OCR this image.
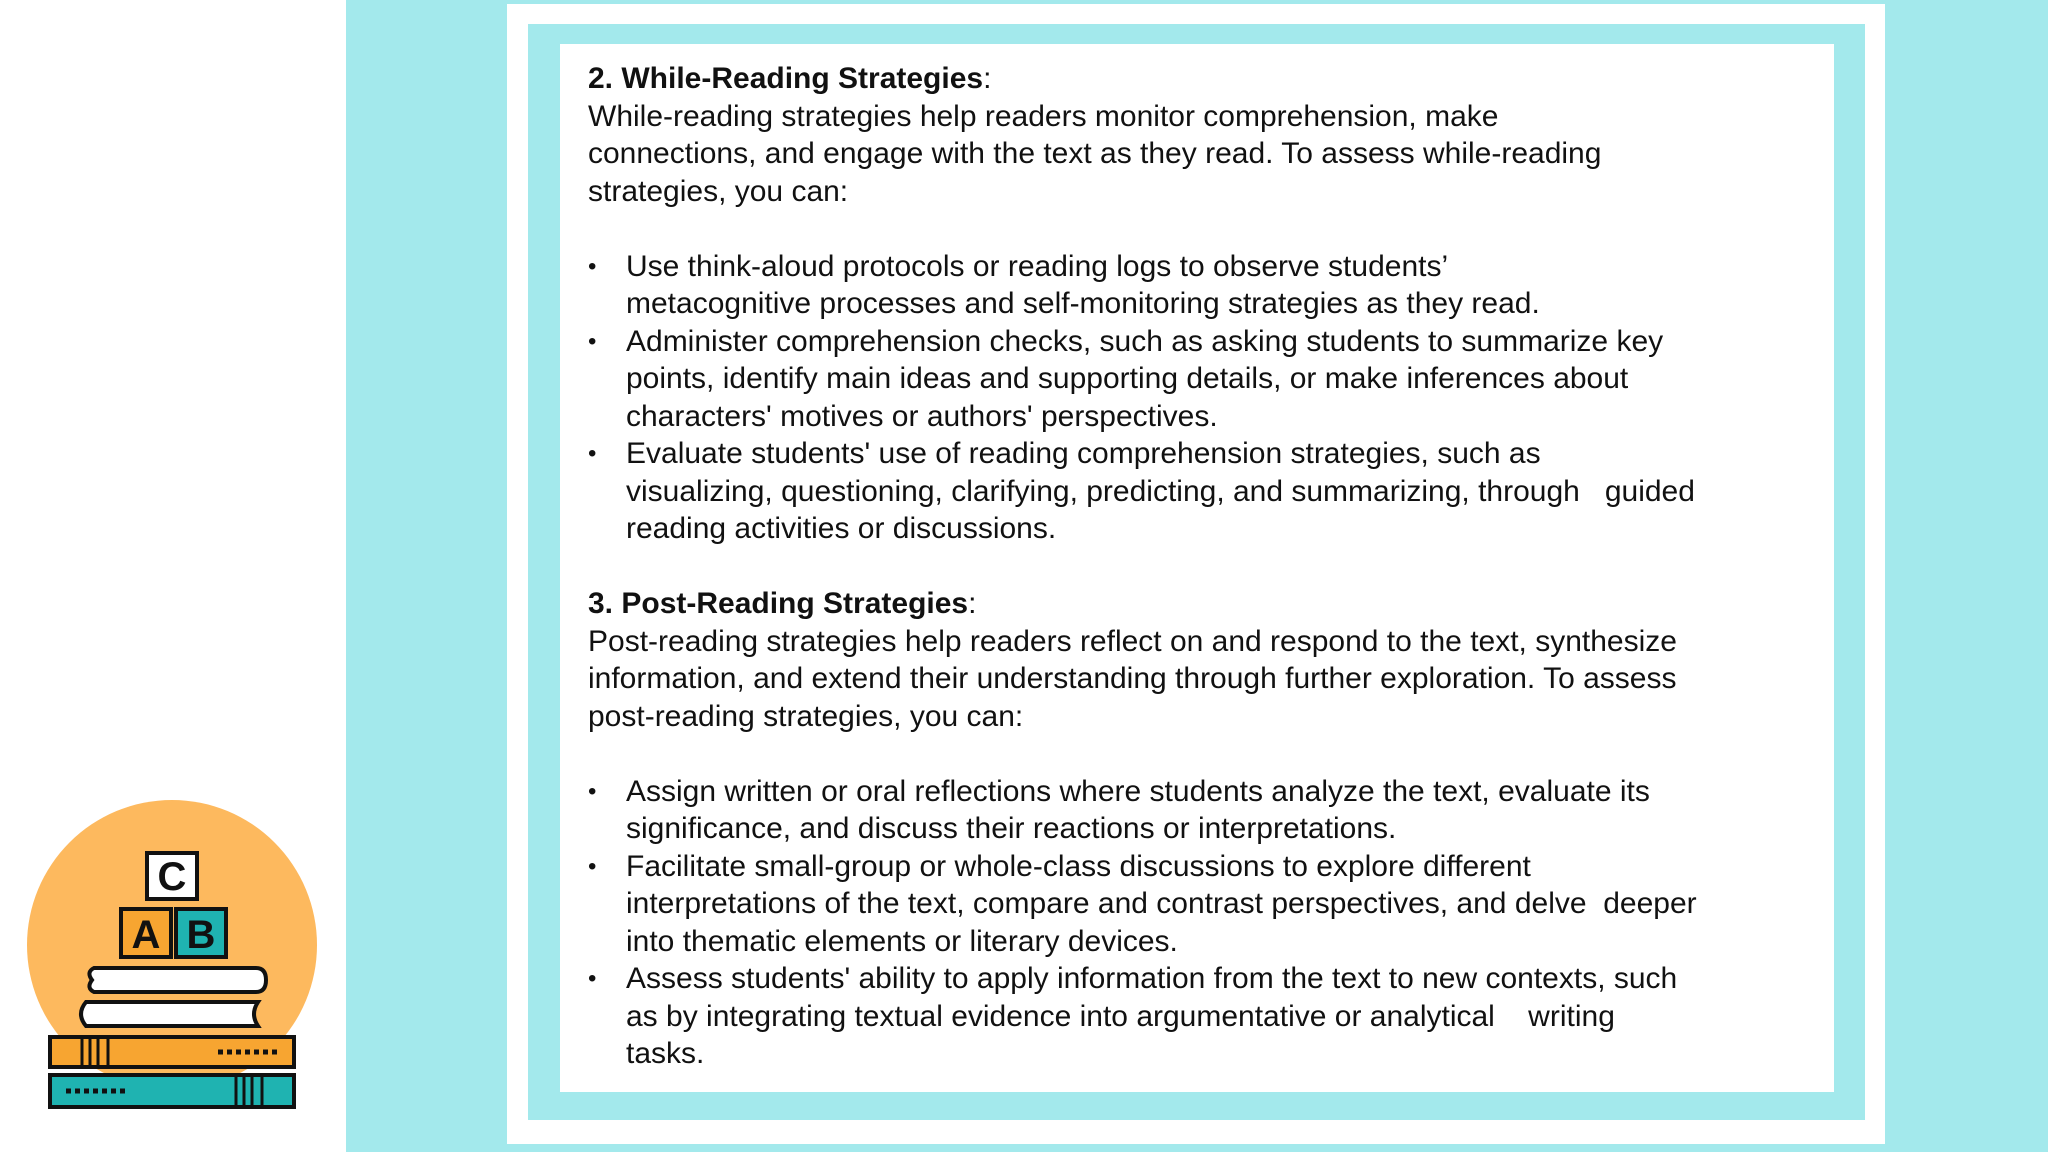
C
A B
2. While-Reading Strategies:

While-reading strategies help readers monitor comprehension, make
connections, and engage with the text as they read. To assess while-reading
strategies, you can:

• Use think-aloud protocols or reading logs to observe students’
metacognitive processes and self-monitoring strategies as they read.
• Administer comprehension checks, such as asking students to summarize key
points, identify main ideas and supporting details, or make inferences about
characters' motives or authors' perspectives.
• Evaluate students' use of reading comprehension strategies, such as
visualizing, questioning, clarifying, predicting, and summarizing, through   guided
reading activities or discussions.
3. Post-Reading Strategies:

Post-reading strategies help readers reflect on and respond to the text, synthesize
information, and extend their understanding through further exploration. To assess
post-reading strategies, you can:

• Assign written or oral reflections where students analyze the text, evaluate its
significance, and discuss their reactions or interpretations.
• Facilitate small-group or whole-class discussions to explore different
interpretations of the text, compare and contrast perspectives, and delve  deeper
into thematic elements or literary devices.
• Assess students' ability to apply information from the text to new contexts, such
as by integrating textual evidence into argumentative or analytical    writing
tasks.
